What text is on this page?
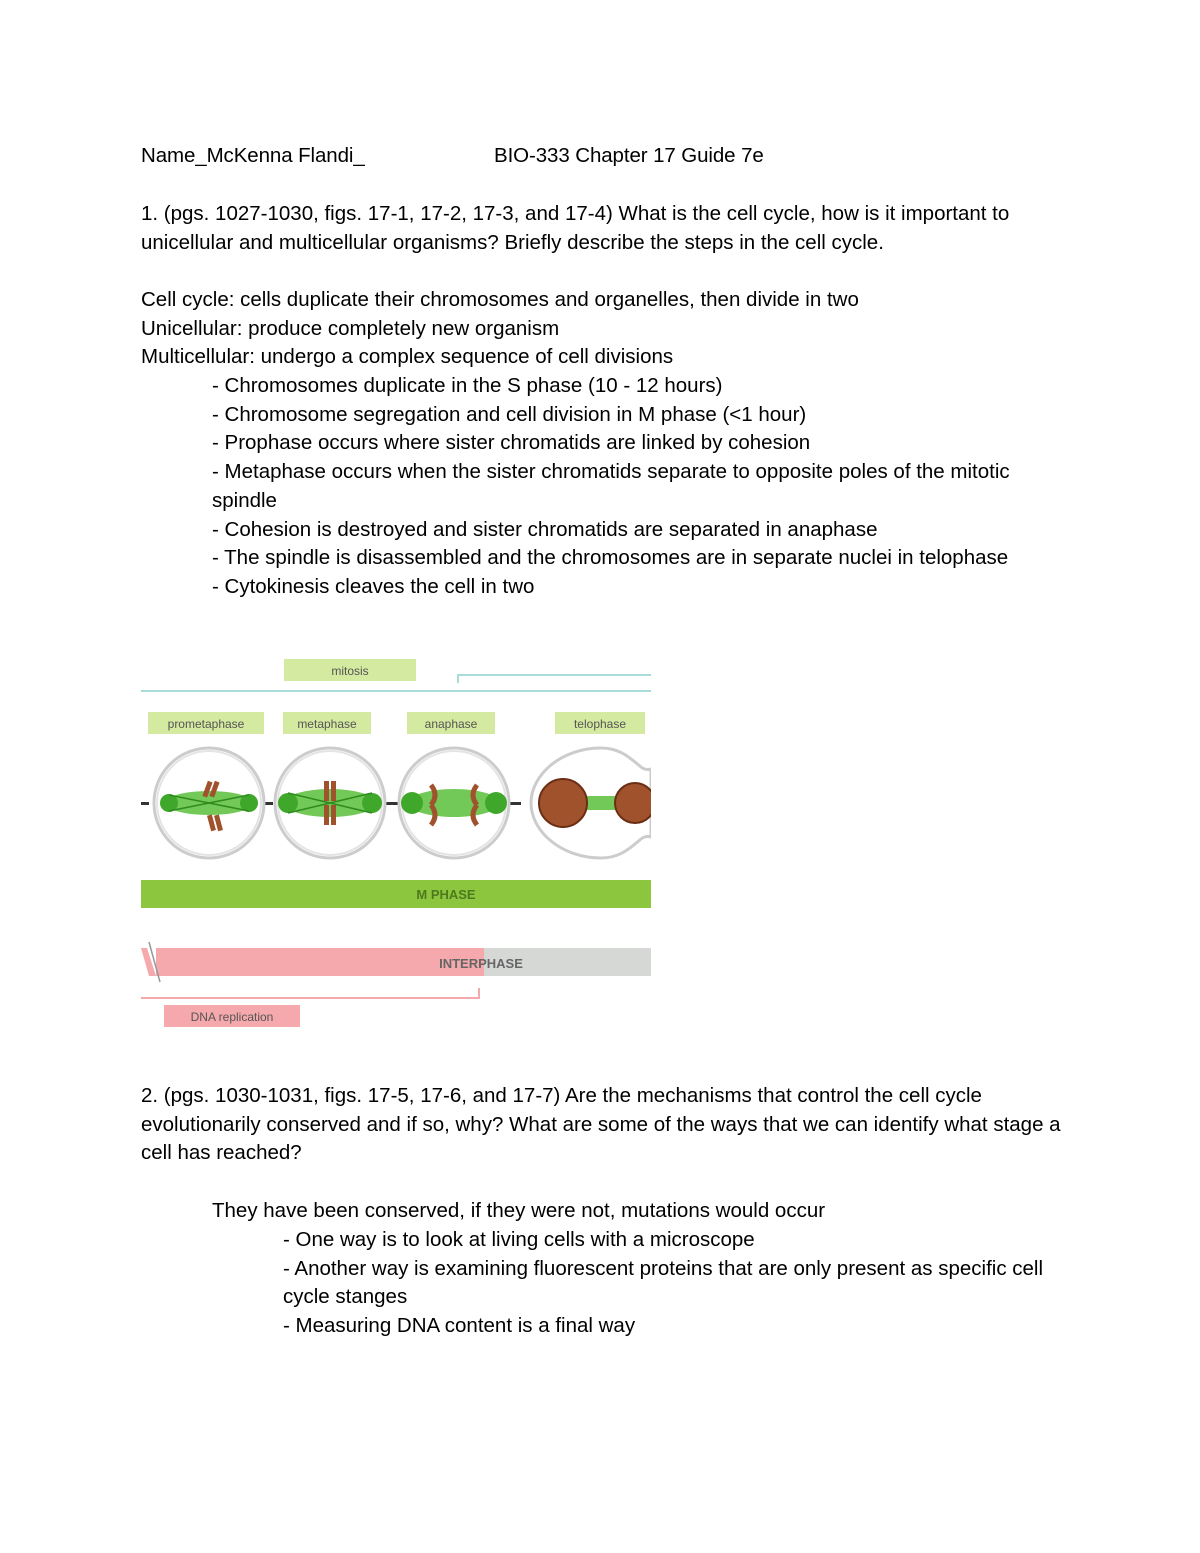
Name_McKenna Flandi_	BIO-333 Chapter 17 Guide 7e
1. (pgs. 1027-1030, figs. 17-1, 17-2, 17-3, and 17-4) What is the cell cycle, how is it important to unicellular and multicellular organisms? Briefly describe the steps in the cell cycle.
Cell cycle: cells duplicate their chromosomes and organelles, then divide in two
Unicellular: produce completely new organism
Multicellular: undergo a complex sequence of cell divisions
- Chromosomes duplicate in the S phase (10 - 12 hours)
- Chromosome segregation and cell division in M phase (<1 hour)
- Prophase occurs where sister chromatids are linked by cohesion
- Metaphase occurs when the sister chromatids separate to opposite poles of the mitotic spindle
- Cohesion is destroyed and sister chromatids are separated in anaphase
- The spindle is disassembled and the chromosomes are in separate nuclei in telophase
- Cytokinesis cleaves the cell in two
mitosis
prometaphase	metaphase	anaphase	telophase
M PHASE
INTERPHASE
DNA replication
2. (pgs. 1030-1031, figs. 17-5, 17-6, and 17-7) Are the mechanisms that control the cell cycle evolutionarily conserved and if so, why? What are some of the ways that we can identify what stage a cell has reached?
They have been conserved, if they were not, mutations would occur
- One way is to look at living cells with a microscope
- Another way is examining fluorescent proteins that are only present as specific cell cycle stanges
- Measuring DNA content is a final way
